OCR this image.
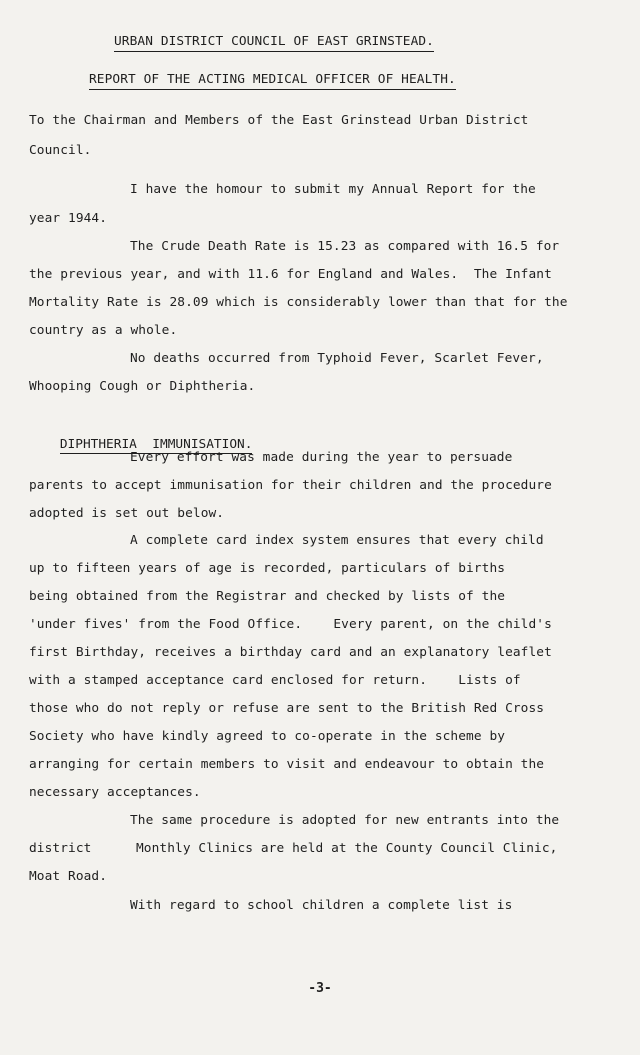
URBAN DISTRICT COUNCIL OF EAST GRINSTEAD.
REPORT OF THE ACTING MEDICAL OFFICER OF HEALTH.
To the Chairman and Members of the East Grinstead Urban District
Council.
I have the homour to submit my Annual Report for the
year 1944.
The Crude Death Rate is 15.23 as compared with 16.5 for
the previous year, and with 11.6 for England and Wales.  The Infant
Mortality Rate is 28.09 which is considerably lower than that for the
country as a whole.
No deaths occurred from Typhoid Fever, Scarlet Fever,
Whooping Cough or Diphtheria.

DIPHTHERIA IMMUNISATION.

Every effort was made during the year to persuade
parents to accept immunisation for their children and the procedure
adopted is set out below.
A complete card index system ensures that every child
up to fifteen years of age is recorded, particulars of births
being obtained from the Registrar and checked by lists of the
'under fives' from the Food Office.    Every parent, on the child's
first Birthday, receives a birthday card and an explanatory leaflet
with a stamped acceptance card enclosed for return.    Lists of
those who do not reply or refuse are sent to the British Red Cross
Society who have kindly agreed to co-operate in the scheme by
arranging for certain members to visit and endeavour to obtain the
necessary acceptances.
The same procedure is adopted for new entrants into the
district	Monthly Clinics are held at the County Council Clinic,
Moat Road.
With regard to school children a complete list is
-3-
